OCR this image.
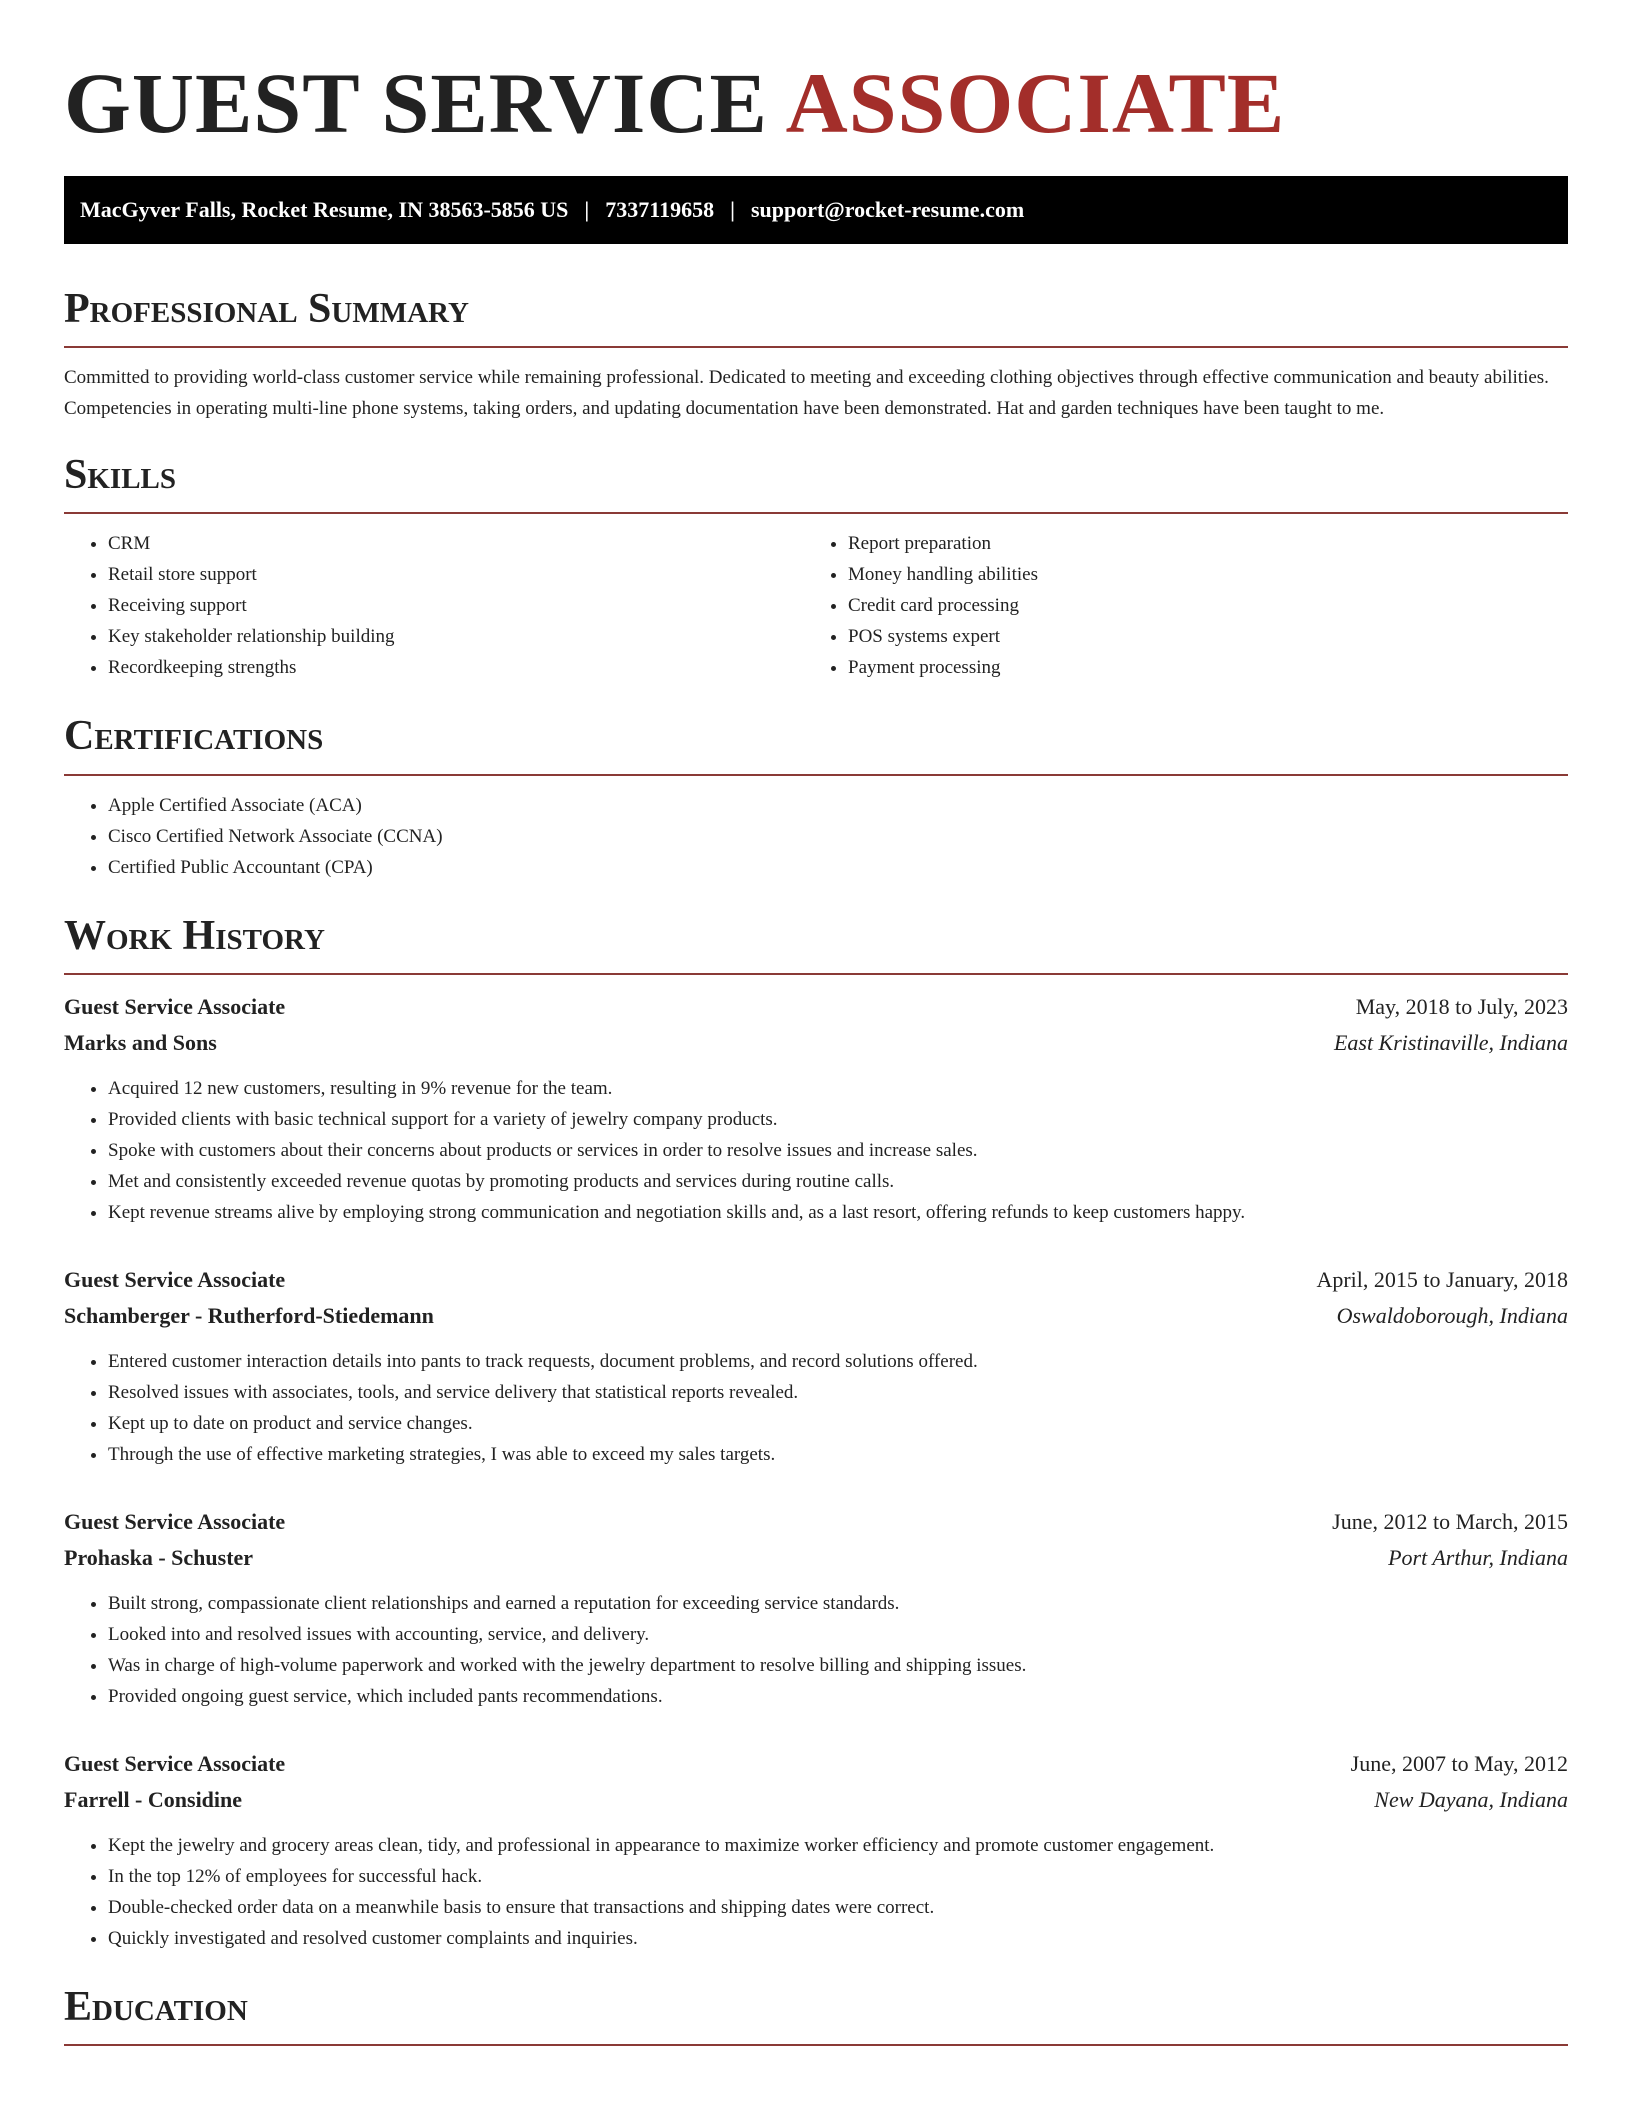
GUEST SERVICE ASSOCIATE
MacGyver Falls, Rocket Resume, IN 38563-5856 US | 7337119658 | support@rocket-resume.com
Professional Summary

Committed to providing world-class customer service while remaining professional. Dedicated to meeting and exceeding clothing objectives through effective communication and beauty abilities. Competencies in operating multi-line phone systems, taking orders, and updating documentation have been demonstrated. Hat and garden techniques have been taught to me.

Skills
• CRM
• Retail store support
• Receiving support
• Key stakeholder relationship building
• Recordkeeping strengths
• Report preparation
• Money handling abilities
• Credit card processing
• POS systems expert
• Payment processing
Certifications
• Apple Certified Associate (ACA)
• Cisco Certified Network Associate (CCNA)
• Certified Public Accountant (CPA)
Work History
Guest Service Associate	May, 2018 to July, 2023
Marks and Sons	East Kristinaville, Indiana
• Acquired 12 new customers, resulting in 9% revenue for the team.
• Provided clients with basic technical support for a variety of jewelry company products.
• Spoke with customers about their concerns about products or services in order to resolve issues and increase sales.
• Met and consistently exceeded revenue quotas by promoting products and services during routine calls.
• Kept revenue streams alive by employing strong communication and negotiation skills and, as a last resort, offering refunds to keep customers happy.
Guest Service Associate	April, 2015 to January, 2018
Schamberger - Rutherford-Stiedemann	Oswaldoborough, Indiana
• Entered customer interaction details into pants to track requests, document problems, and record solutions offered.
• Resolved issues with associates, tools, and service delivery that statistical reports revealed.
• Kept up to date on product and service changes.
• Through the use of effective marketing strategies, I was able to exceed my sales targets.
Guest Service Associate	June, 2012 to March, 2015
Prohaska - Schuster	Port Arthur, Indiana
• Built strong, compassionate client relationships and earned a reputation for exceeding service standards.
• Looked into and resolved issues with accounting, service, and delivery.
• Was in charge of high-volume paperwork and worked with the jewelry department to resolve billing and shipping issues.
• Provided ongoing guest service, which included pants recommendations.
Guest Service Associate	June, 2007 to May, 2012
Farrell - Considine	New Dayana, Indiana
• Kept the jewelry and grocery areas clean, tidy, and professional in appearance to maximize worker efficiency and promote customer engagement.
• In the top 12% of employees for successful hack.
• Double-checked order data on a meanwhile basis to ensure that transactions and shipping dates were correct.
• Quickly investigated and resolved customer complaints and inquiries.
Education
